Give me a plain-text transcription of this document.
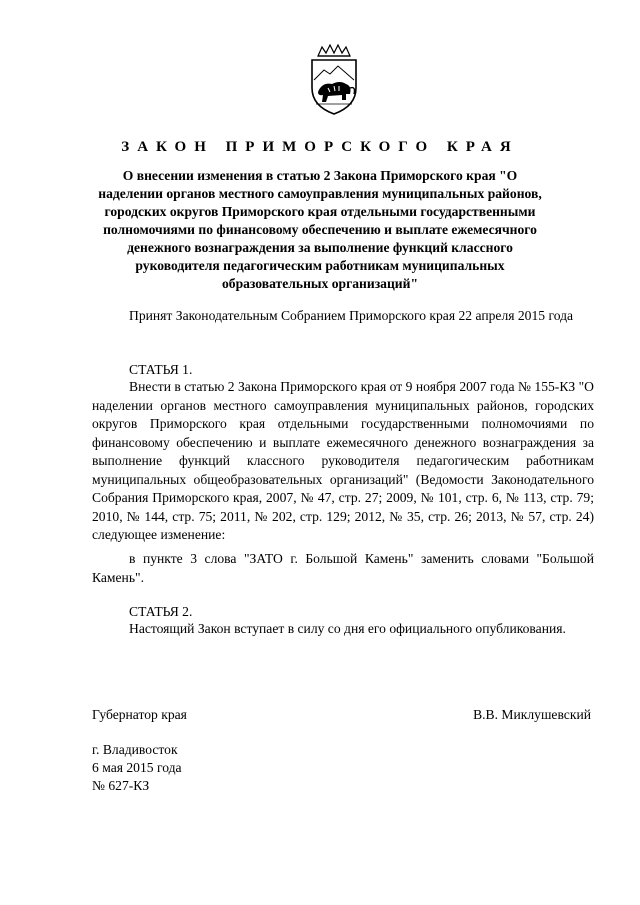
ЗАКОН ПРИМОРСКОГО КРАЯ
О внесении изменения в статью 2 Закона Приморского края "О наделении органов местного самоуправления муниципальных районов, городских округов Приморского края отдельными государственными полномочиями по финансовому обеспечению и выплате ежемесячного денежного вознаграждения за выполнение функций классного руководителя педагогическим работникам муниципальных образовательных организаций"

Принят Законодательным Собранием Приморского края 22 апреля 2015 года

СТАТЬЯ 1.

Внести в статью 2 Закона Приморского края от 9 ноября 2007 года № 155-КЗ "О наделении органов местного самоуправления муниципальных районов, городских округов Приморского края отдельными государственными полномочиями по финансовому обеспечению и выплате ежемесячного денежного вознаграждения за выполнение функций классного руководителя педагогическим работникам муниципальных общеобразовательных организаций" (Ведомости Законодательного Собрания Приморского края, 2007, № 47, стр. 27; 2009, № 101, стр. 6, № 113, стр. 79; 2010, № 144, стр. 75; 2011, № 202, стр. 129; 2012, № 35, стр. 26; 2013, № 57, стр. 24) следующее изменение:

в пункте 3 слова "ЗАТО г. Большой Камень" заменить словами "Большой Камень".

СТАТЬЯ 2.

Настоящий Закон вступает в силу со дня его официального опубликования.

Губернатор края	В.В. Миклушевский
г. Владивосток
6 мая 2015 года
№ 627-КЗ
